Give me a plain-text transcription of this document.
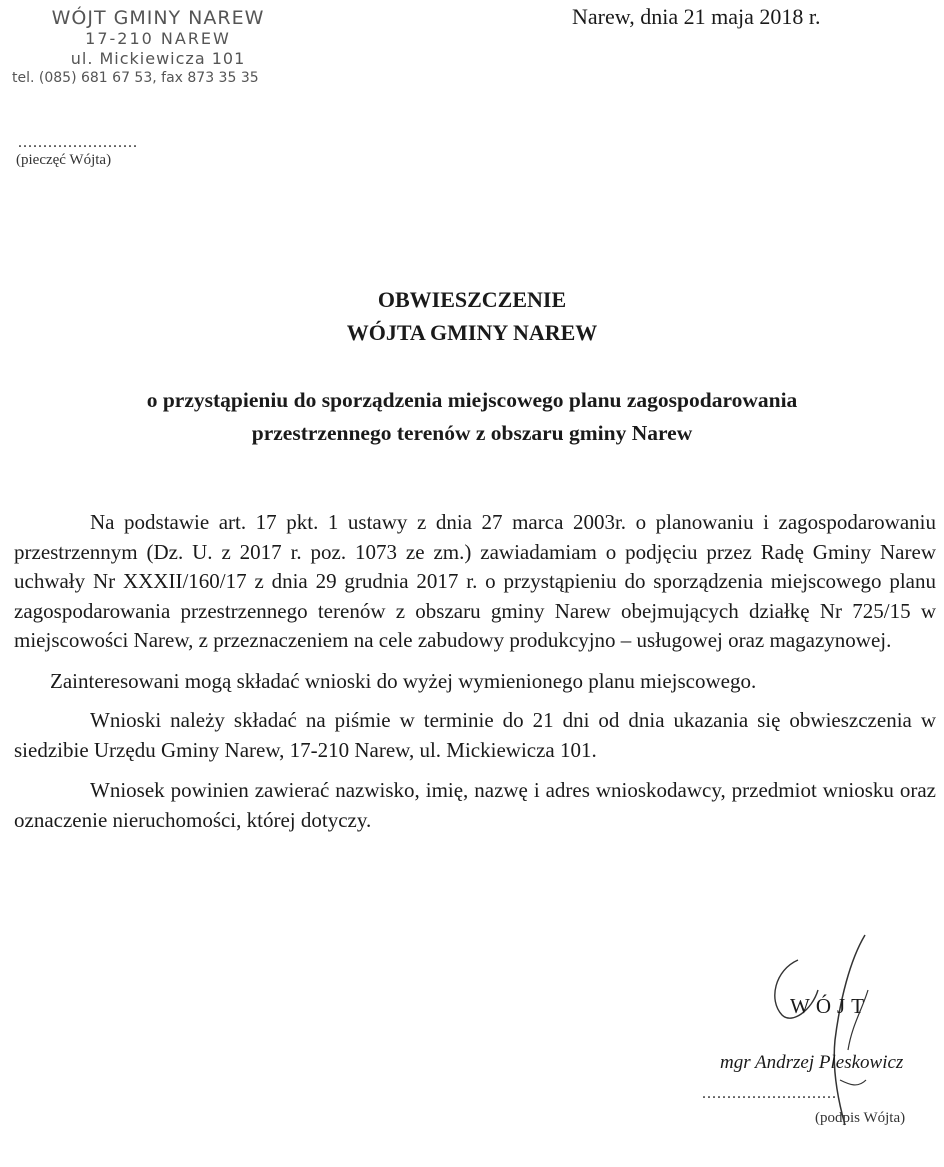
WÓJT GMINY NAREW
17-210 NAREW
ul. Mickiewicza 101
tel. (085) 681 67 53, fax 873 35 35
Narew, dnia 21 maja 2018 r.
........................
(pieczęć Wójta)
OBWIESZCZENIE
WÓJTA GMINY NAREW
o przystąpieniu do sporządzenia miejscowego planu zagospodarowania
przestrzennego terenów z obszaru gminy Narew

Na podstawie art. 17 pkt. 1 ustawy z dnia 27 marca 2003r. o planowaniu i zagospodarowaniu przestrzennym (Dz. U. z 2017 r. poz. 1073 ze zm.) zawiadamiam o podjęciu przez Radę Gminy Narew uchwały Nr XXXII/160/17 z dnia 29 grudnia 2017 r. o przystąpieniu do sporządzenia miejscowego planu zagospodarowania przestrzennego terenów z obszaru gminy Narew obejmujących działkę Nr 725/15 w miejscowości Narew, z przeznaczeniem na cele zabudowy produkcyjno – usługowej oraz magazynowej.

Zainteresowani mogą składać wnioski do wyżej wymienionego planu miejscowego.

Wnioski należy składać na piśmie w terminie do 21 dni od dnia ukazania się obwieszczenia w siedzibie Urzędu Gminy Narew, 17-210 Narew, ul. Mickiewicza 101.

Wniosek powinien zawierać nazwisko, imię, nazwę i adres wnioskodawcy, przedmiot wniosku oraz oznaczenie nieruchomości, której dotyczy.

WÓJT
mgr Andrzej Pleskowicz
...........................
(podpis Wójta)
